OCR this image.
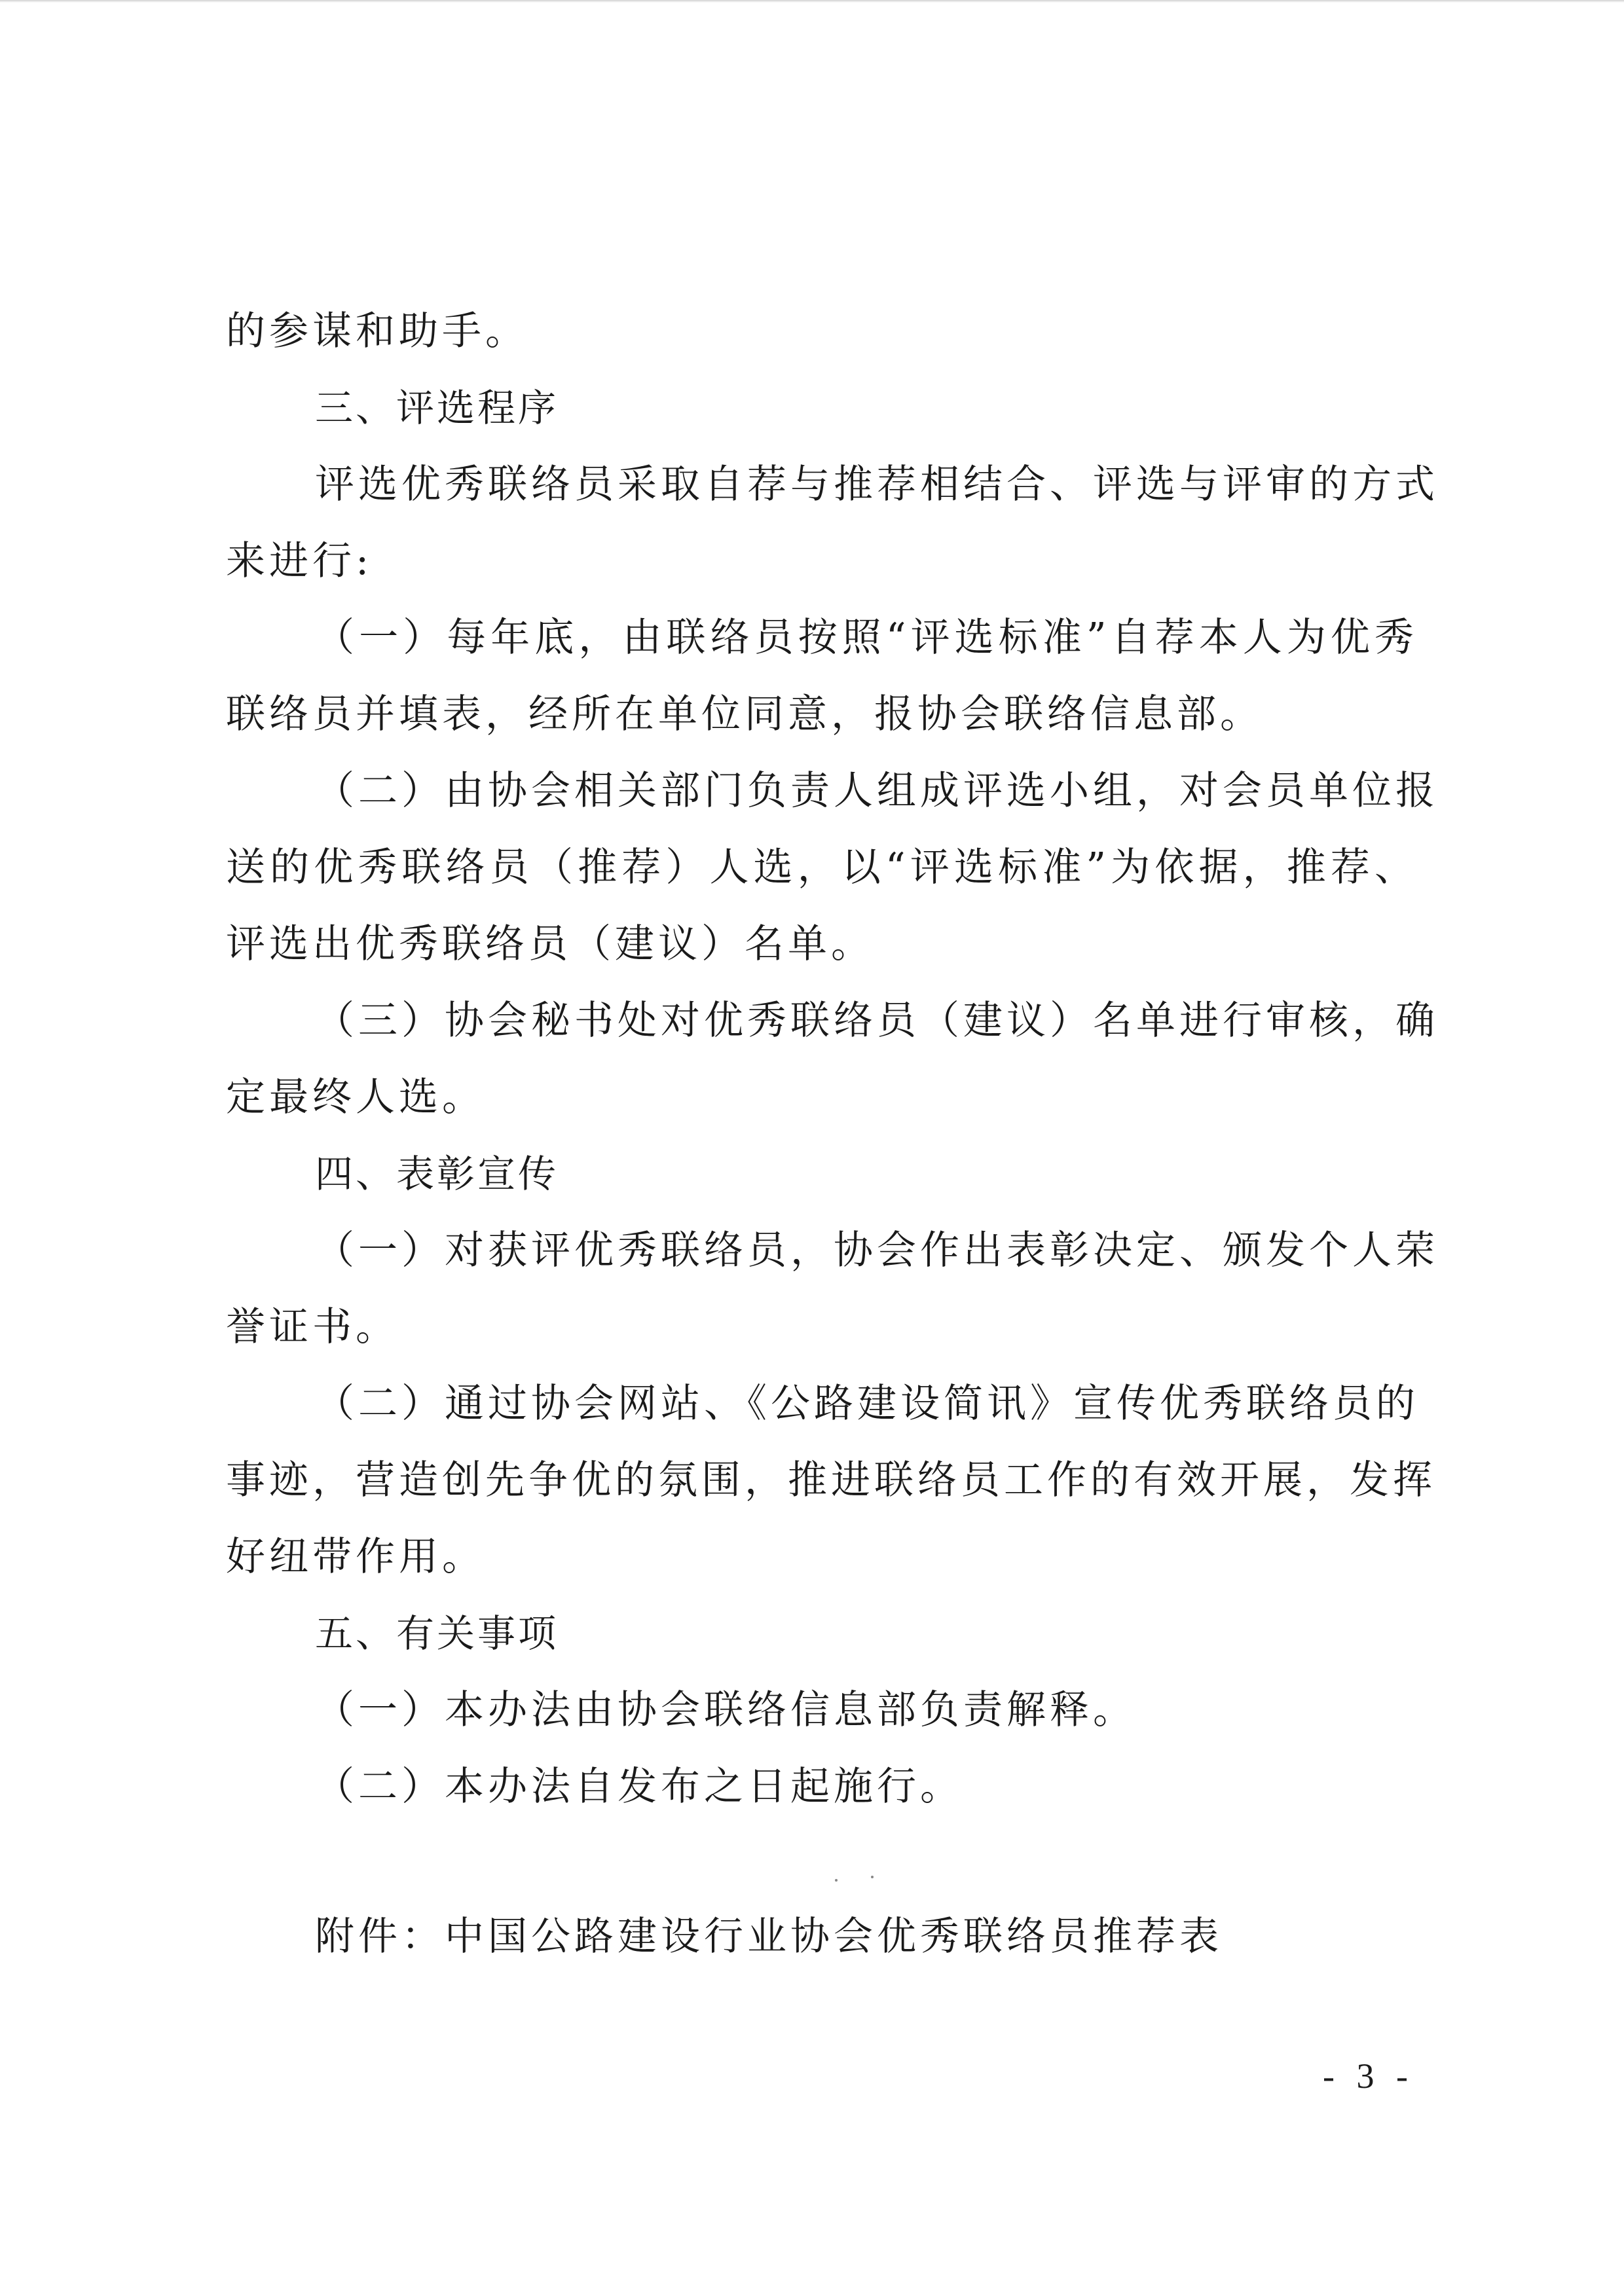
的参谋和助手。
三、评选程序
评选优秀联络员采取自荐与推荐相结合、评选与评审的方式
来进行:
（一）每年底，由联络员按照“评选标准”自荐本人为优秀
联络员并填表，经所在单位同意，报协会联络信息部。
（二）由协会相关部门负责人组成评选小组，对会员单位报
送的优秀联络员（推荐）人选，以“评选标准”为依据，推荐、
评选出优秀联络员（建议）名单。
（三）协会秘书处对优秀联络员（建议）名单进行审核，确
定最终人选。
四、表彰宣传
（一）对获评优秀联络员，协会作出表彰决定、颁发个人荣
誉证书。
（二）通过协会网站、《公路建设简讯》宣传优秀联络员的
事迹，营造创先争优的氛围，推进联络员工作的有效开展，发挥
好纽带作用。
五、有关事项
（一）本办法由协会联络信息部负责解释。
（二）本办法自发布之日起施行。
附件：中国公路建设行业协会优秀联络员推荐表
- 3 -
